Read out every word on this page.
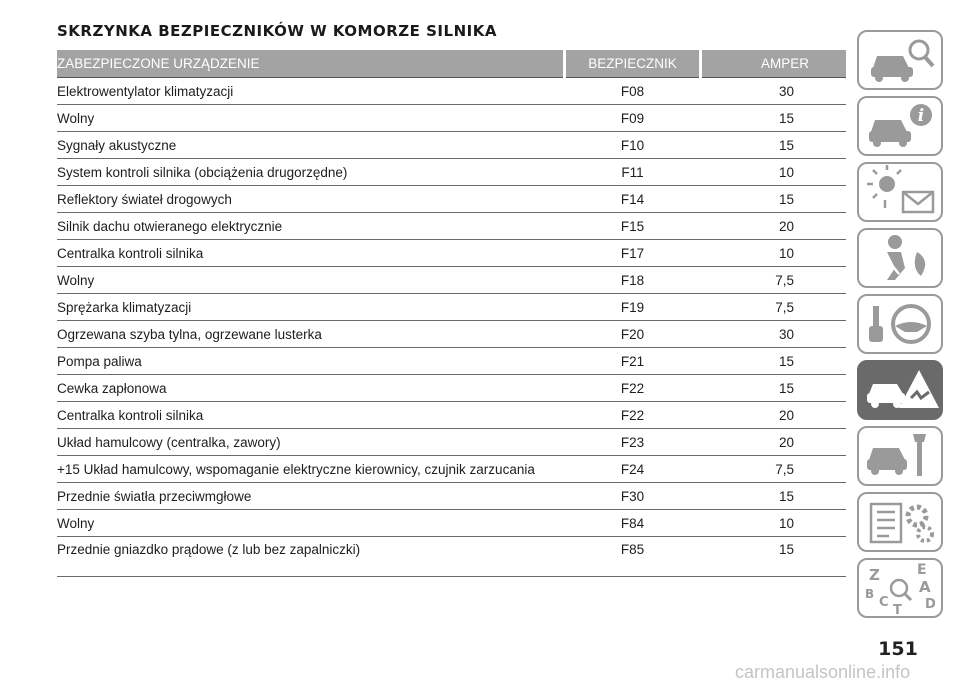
SKRZYNKA BEZPIECZNIKÓW W KOMORZE SILNIKA
ZABEZPIECZONE URZĄDZENIE	BEZPIECZNIK	AMPER
Elektrowentylator klimatyzacji	F08	30
Wolny	F09	15
Sygnały akustyczne	F10	15
System kontroli silnika (obciążenia drugorzędne)	F11	10
Reflektory świateł drogowych	F14	15
Silnik dachu otwieranego elektrycznie	F15	20
Centralka kontroli silnika	F17	10
Wolny	F18	7,5
Sprężarka klimatyzacji	F19	7,5
Ogrzewana szyba tylna, ogrzewane lusterka	F20	30
Pompa paliwa	F21	15
Cewka zapłonowa	F22	15
Centralka kontroli silnika	F22	20
Układ hamulcowy (centralka, zawory)	F23	20
+15 Układ hamulcowy, wspomaganie elektryczne kierownicy, czujnik zarzucania	F24	7,5
Przednie światła przeciwmgłowe	F30	15
Wolny	F84	10
Przednie gniazdko prądowe (z lub bez zapalniczki)	F85	15
i
Z	E
B	A
C	D
T
151
carmanualsonline.info
